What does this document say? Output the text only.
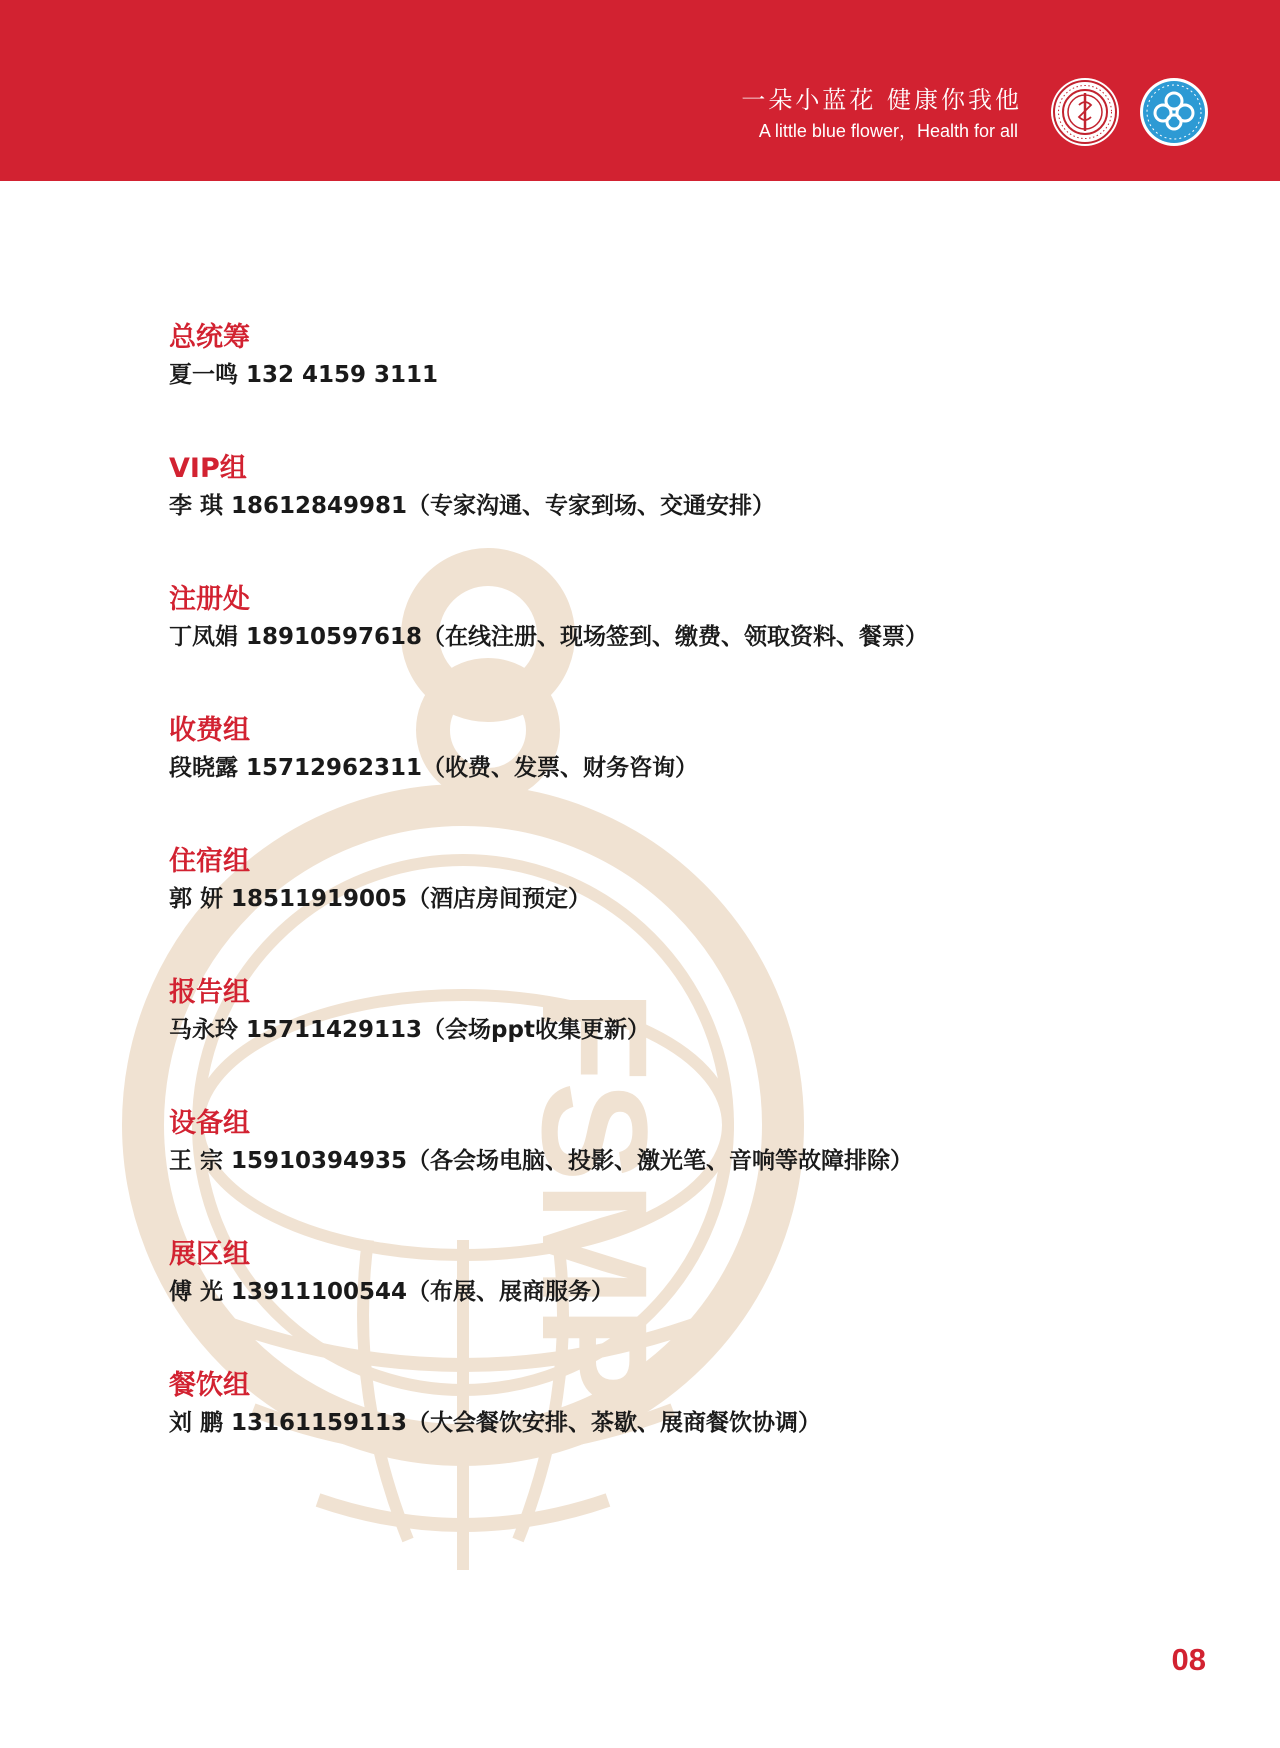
一朵小蓝花 健康你我他
A little blue flower，Health for all
FSMP
总统筹
夏一鸣 132 4159 3111
VIP组
李 琪 18612849981（专家沟通、专家到场、交通安排）
注册处
丁凤娟 18910597618（在线注册、现场签到、缴费、领取资料、餐票）
收费组
段晓露 15712962311（收费、发票、财务咨询）
住宿组
郭 妍 18511919005（酒店房间预定）
报告组
马永玲 15711429113（会场ppt收集更新）
设备组
王 宗 15910394935（各会场电脑、投影、激光笔、音响等故障排除）
展区组
傅 光 13911100544（布展、展商服务）
餐饮组
刘 鹏 13161159113（大会餐饮安排、茶歇、展商餐饮协调）
08
